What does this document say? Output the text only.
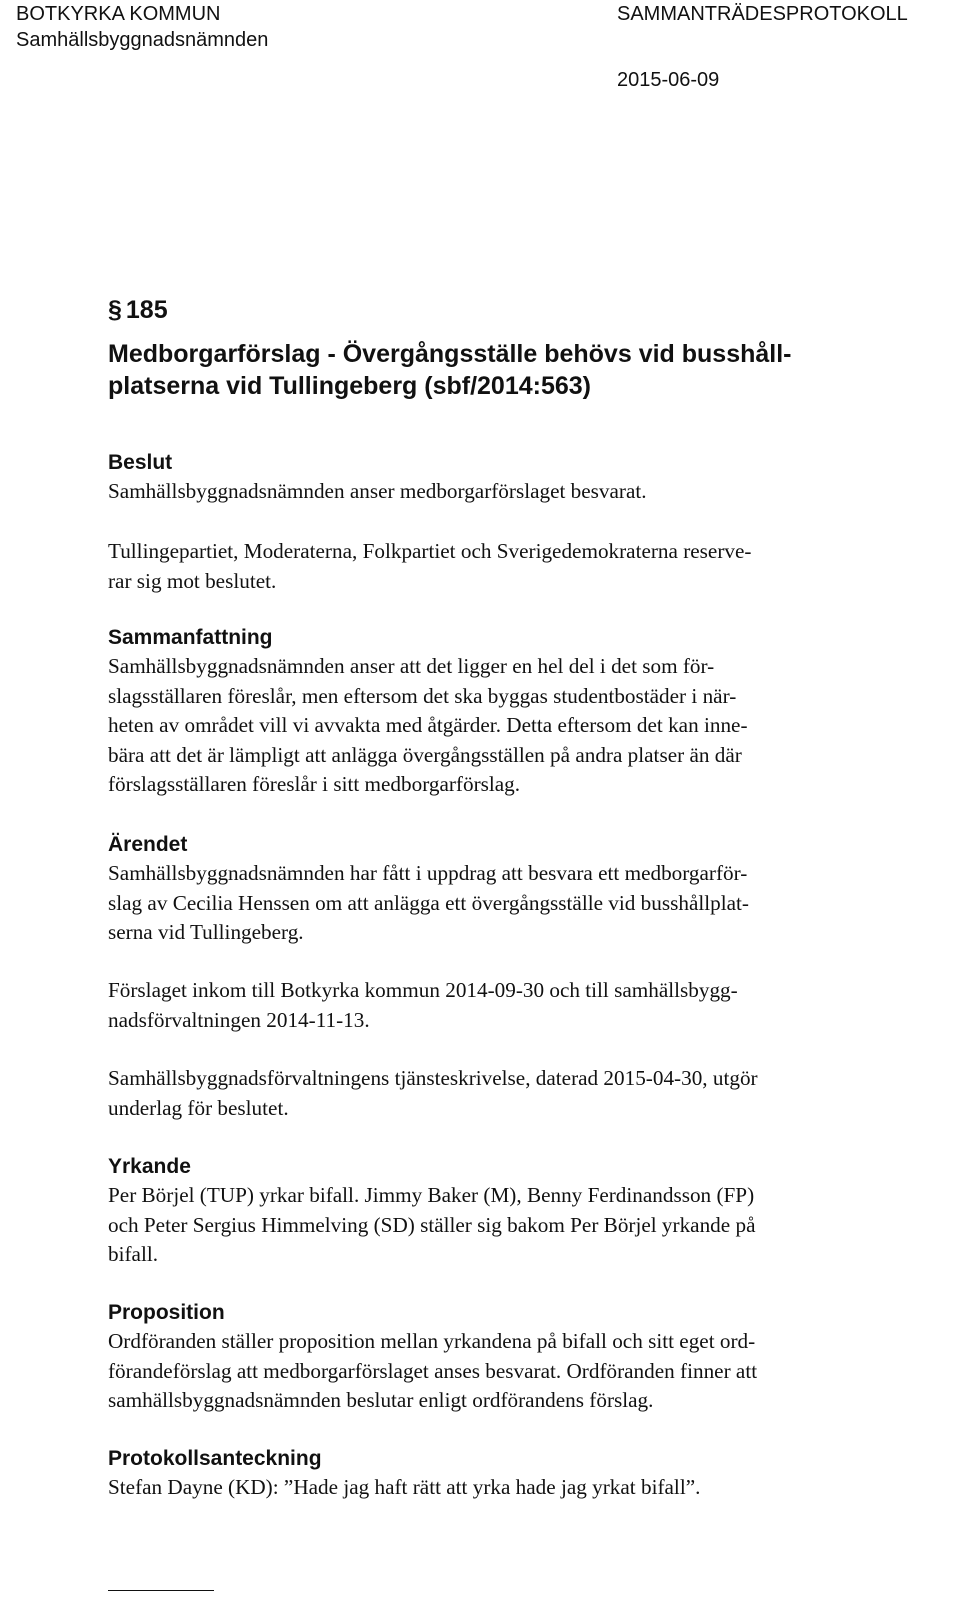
BOTKYRKA KOMMUN
Samhällsbyggnadsnämnden
SAMMANTRÄDESPROTOKOLL
2015-06-09
§ 185
Medborgarförslag - Övergångsställe behövs vid busshåll-
platserna vid Tullingeberg (sbf/2014:563)
Beslut

Samhällsbyggnadsnämnden anser medborgarförslaget besvarat.

Tullingepartiet, Moderaterna, Folkpartiet och Sverigedemokraterna reserve-
rar sig mot beslutet.

Sammanfattning

Samhällsbyggnadsnämnden anser att det ligger en hel del i det som för-
slagsställaren föreslår, men eftersom det ska byggas studentbostäder i när-
heten av området vill vi avvakta med åtgärder. Detta eftersom det kan inne-
bära att det är lämpligt att anlägga övergångsställen på andra platser än där
förslagsställaren föreslår i sitt medborgarförslag.

Ärendet

Samhällsbyggnadsnämnden har fått i uppdrag att besvara ett medborgarför-
slag av Cecilia Henssen om att anlägga ett övergångsställe vid busshållplat-
serna vid Tullingeberg.

Förslaget inkom till Botkyrka kommun 2014-09-30 och till samhällsbygg-
nadsförvaltningen 2014-11-13.

Samhällsbyggnadsförvaltningens tjänsteskrivelse, daterad 2015-04-30, utgör
underlag för beslutet.

Yrkande

Per Börjel (TUP) yrkar bifall. Jimmy Baker (M), Benny Ferdinandsson (FP)
och Peter Sergius Himmelving (SD) ställer sig bakom Per Börjel yrkande på
bifall.

Proposition

Ordföranden ställer proposition mellan yrkandena på bifall och sitt eget ord-
förandeförslag att medborgarförslaget anses besvarat. Ordföranden finner att
samhällsbyggnadsnämnden beslutar enligt ordförandens förslag.

Protokollsanteckning

Stefan Dayne (KD): ”Hade jag haft rätt att yrka hade jag yrkat bifall”.
